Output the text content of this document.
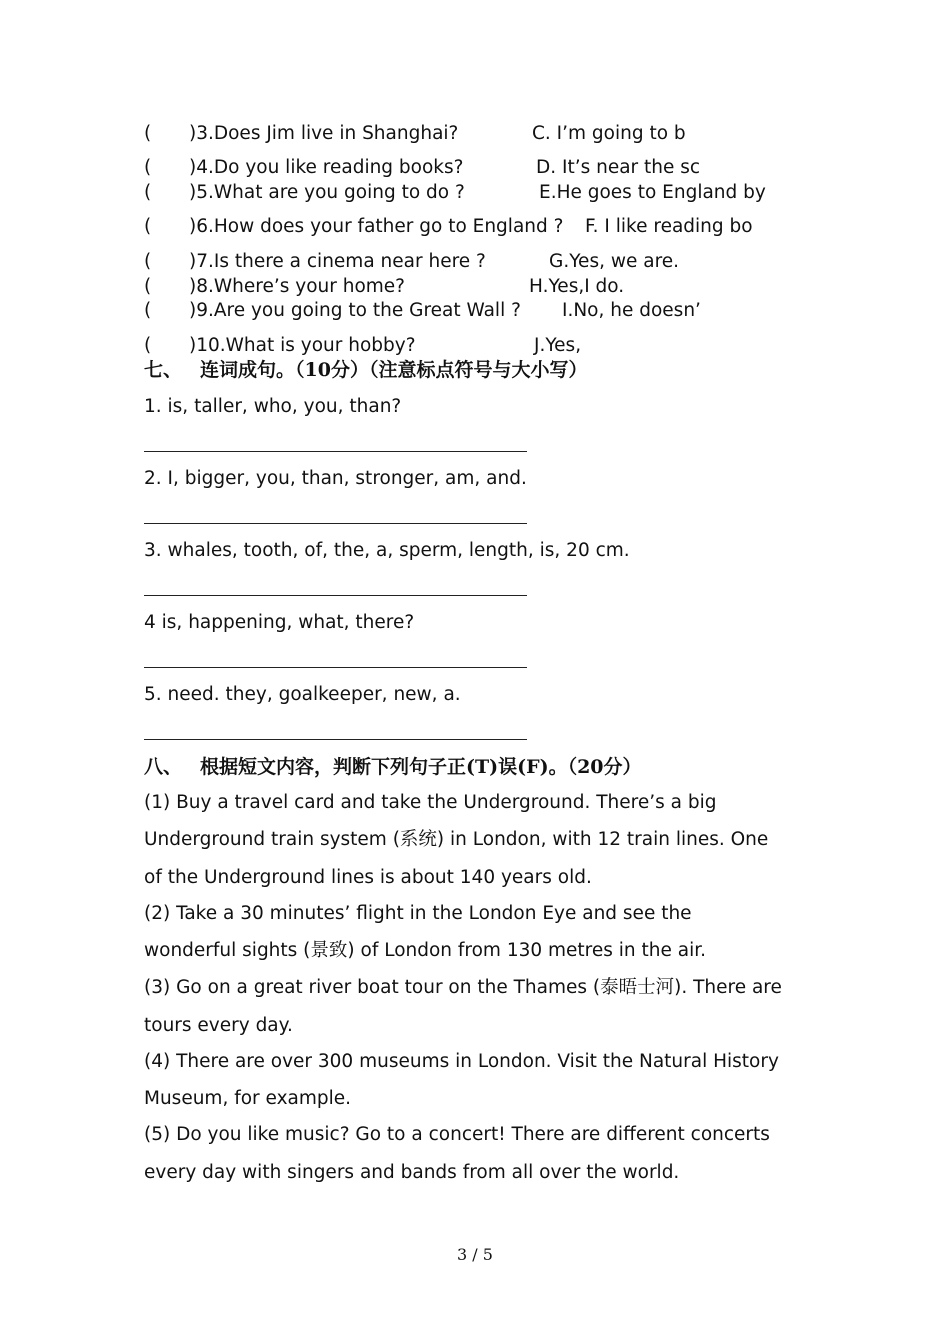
( )3.Does Jim live in Shanghai?	C. I’m going to b
( )4.Do you like reading books?	D. It’s near the sc
( )5.What are you going to do ?	E.He goes to England by
( )6.How does your father go to England ? F. I like reading bo
( )7.Is there a cinema near here ?	G.Yes, we are.
( )8.Where’s your home?	H.Yes,I do.
( )9.Are you going to the Great Wall ? I.No, he doesn’
( )10.What is your hobby?	J.Yes,
七、 连词成句。（10分）（注意标点符号与大小写）
1. is, taller, who, you, than?
2. I, bigger, you, than, stronger, am, and.
3. whales, tooth, of, the, a, sperm, length, is, 20 cm.
4 is, happening, what, there?
5. need. they, goalkeeper, new, a.
八、 根据短文内容，判断下列句子正(T)误(F)。（20分）
(1) Buy a travel card and take the Underground. There’s a big
Underground train system (系统) in London, with 12 train lines. One
of the Underground lines is about 140 years old.
(2) Take a 30 minutes’ flight in the London Eye and see the
wonderful sights (景致) of London from 130 metres in the air.
(3) Go on a great river boat tour on the Thames (泰晤士河). There are
tours every day.
(4) There are over 300 museums in London. Visit the Natural History
Museum, for example.
(5) Do you like music? Go to a concert! There are different concerts
every day with singers and bands from all over the world.
3 / 5
